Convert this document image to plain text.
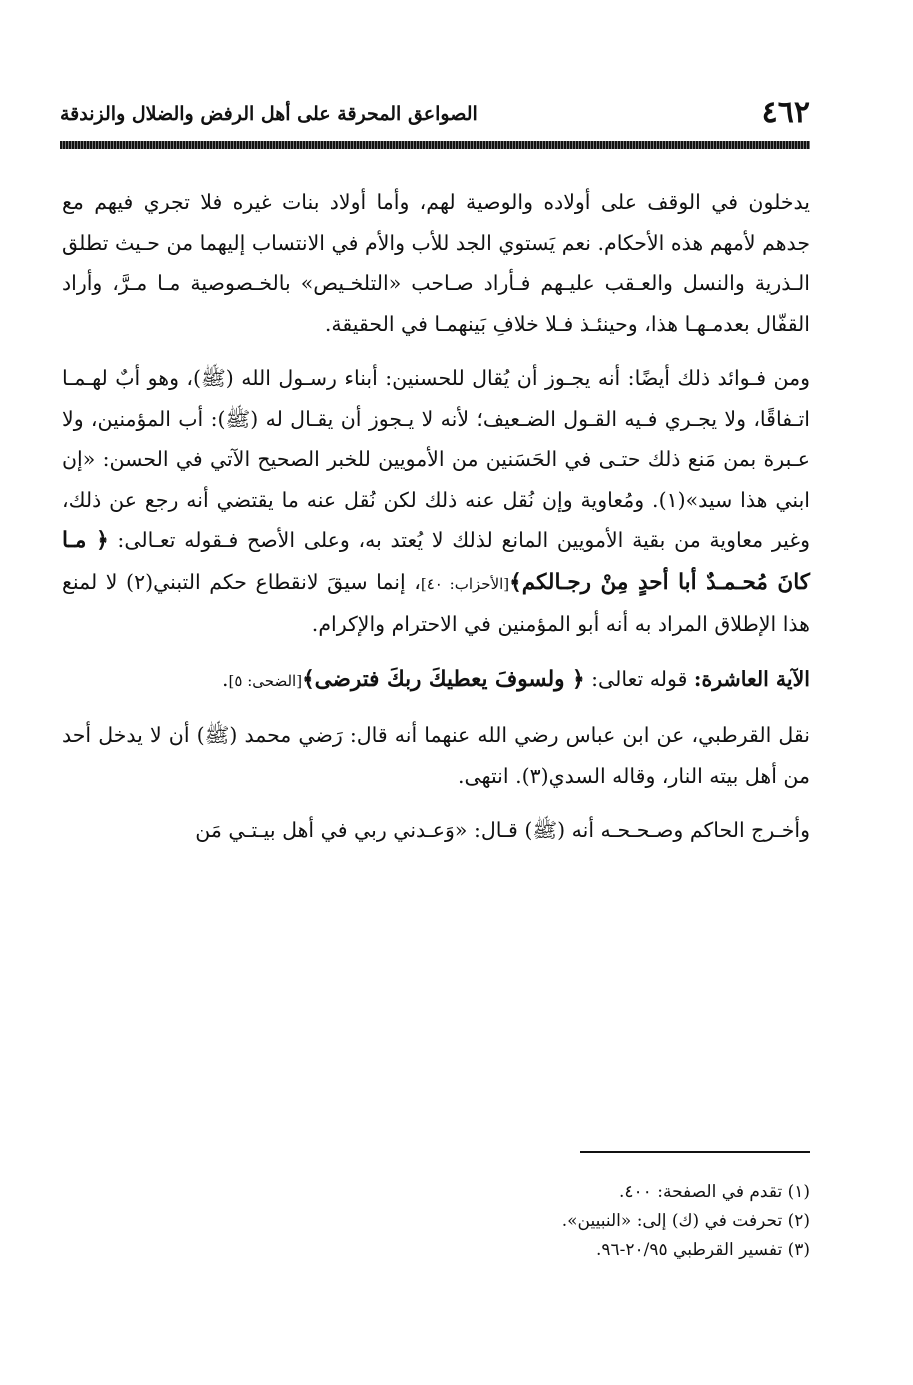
٤٦٢
الصواعق المحرقة على أهل الرفض والضلال والزندقة

يدخلون في الوقف على أولاده والوصية لهم، وأما أولاد بنات غيره فلا تجري فيهم مع جدهم لأمهم هذه الأحكام. نعم يَستوي الجد للأب والأم في الانتساب إليهما من حـيث تطلق الـذرية والنسل والعـقب عليـهم فـأراد صـاحب «التلخـيص» بالخـصوصية مـا مـرَّ، وأراد القفّال بعدمـهـا هذا، وحينئـذ فـلا خلافِ بَينهمـا في الحقيقة.

ومن فـوائد ذلك أيضًا: أنه يجـوز أن يُقال للحسنين: أبناء رسـول الله (ﷺ)، وهو أبٌ لهـمـا اتـفاقًا، ولا يجـري فـيه القـول الضـعيف؛ لأنه لا يـجوز أن يقـال له (ﷺ): أب المؤمنين، ولا عـبرة بمن مَنع ذلك حتـى في الحَسَنين من الأمويين للخبر الصحيح الآتي في الحسن: «إن ابني هذا سيد»(١). ومُعاوية وإن نُقل عنه ذلك لكن نُقل عنه ما يقتضي أنه رجع عن ذلك، وغير معاوية من بقية الأمويين المانع لذلك لا يُعتد به، وعلى الأصح فـقوله تعـالى: ﴿ مـا كانَ مُحـمـدٌ أبا أحدٍ مِنْ رجـالكم﴾[الأحزاب: ٤٠]، إنما سيقَ لانقطاع حكم التبني(٢) لا لمنع هذا الإطلاق المراد به أنه أبو المؤمنين في الاحترام والإكرام.

الآية العاشرة: قوله تعالى: ﴿ ولسوفَ يعطيكَ ربكَ فترضى﴾[الضحى: ٥].

نقل القرطبي، عن ابن عباس رضي الله عنهما أنه قال: رَضي محمد (ﷺ) أن لا يدخل أحد من أهل بيته النار، وقاله السدي(٣). انتهى.

وأخـرج الحاكم وصـحـحـه أنه (ﷺ) قـال: «وَعـدني ربي في أهل بيـتـي مَن

(١) تقدم في الصفحة: ٤٠٠.

(٢) تحرفت في (ك) إلى: «النبيين».

(٣) تفسير القرطبي ٢٠/٩٥-٩٦.
